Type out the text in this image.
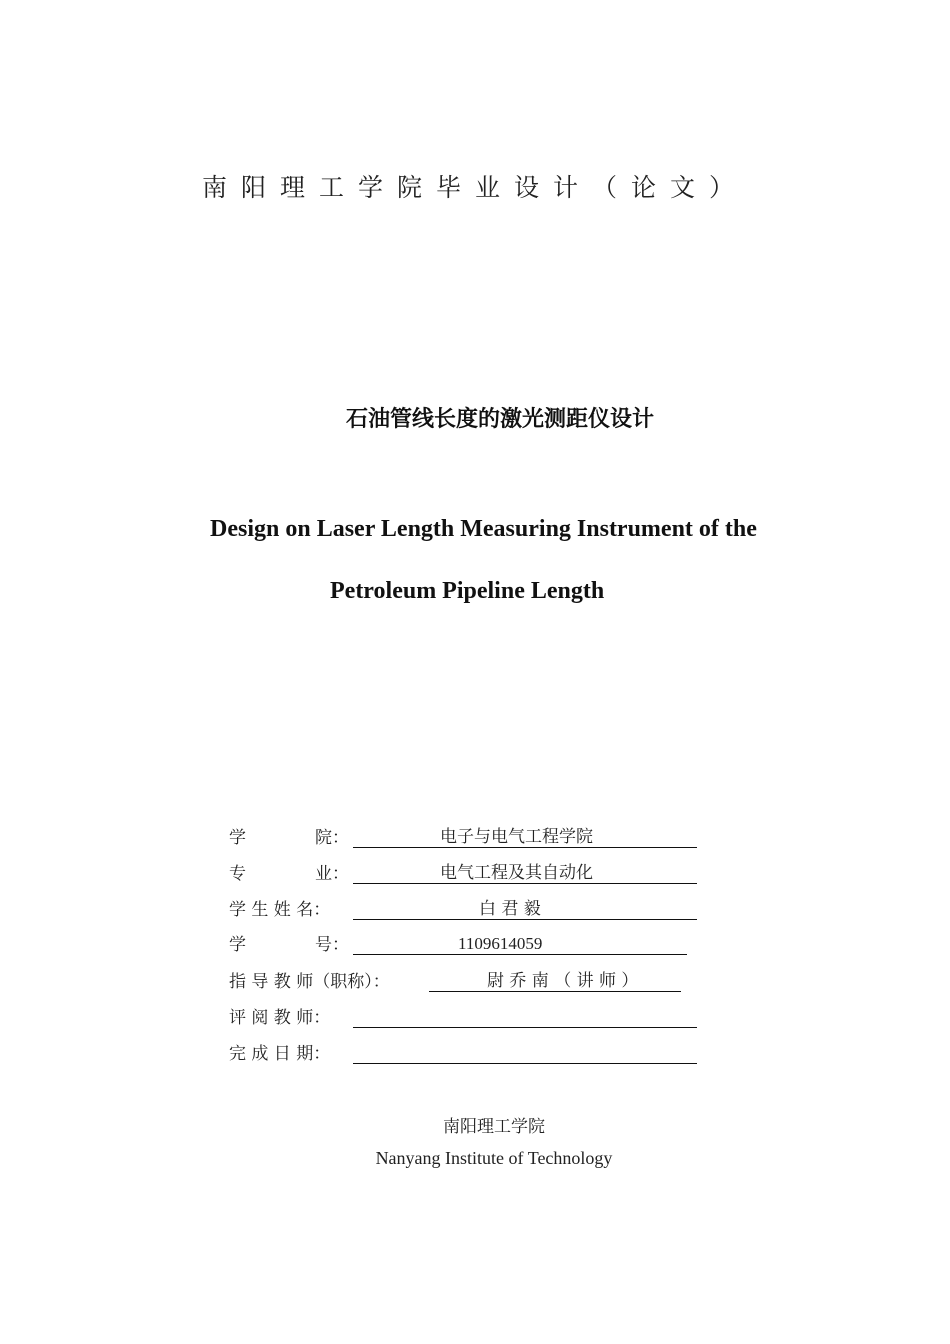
南阳理工学院毕业设计（论文）
石油管线长度的激光测距仪设计
Design on Laser Length Measuring Instrument of the
Petroleum Pipeline Length
学	院：	电子与电气工程学院
专	业：	电气工程及其自动化
学 生 姓 名：	白 君 毅
学	号：	1109614059
指 导 教 师（职称）：	尉 乔 南 （ 讲 师 ）
评 阅 教 师：
完 成 日 期：
南阳理工学院
Nanyang Institute of Technology
